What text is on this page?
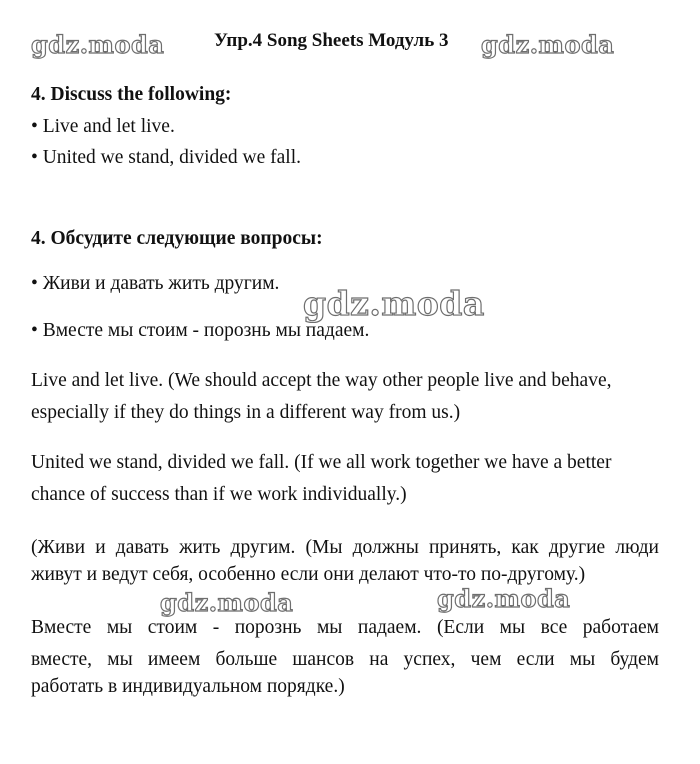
Упр.4 Song Sheets Модуль 3
4. Discuss the following:
• Live and let live.
• United we stand, divided we fall.
4. Обсудите следующие вопросы:
• Живи и давать жить другим.
• Вместе мы стоим - порознь мы падаем.
Live and let live. (We should accept the way other people live and behave,
especially if they do things in a different way from us.)
United we stand, divided we fall. (If we all work together we have a better
chance of success than if we work individually.)
(Живи и давать жить другим. (Мы должны принять, как другие люди
живут и ведут себя, особенно если они делают что-то по-другому.)
Вместе мы стоим - порознь мы падаем. (Если мы все работаем
вместе, мы имеем больше шансов на успех, чем если мы будем
работать в индивидуальном порядке.)
gdz.moda	gdz.moda
gdz.moda
gdz.moda	gdz.moda
